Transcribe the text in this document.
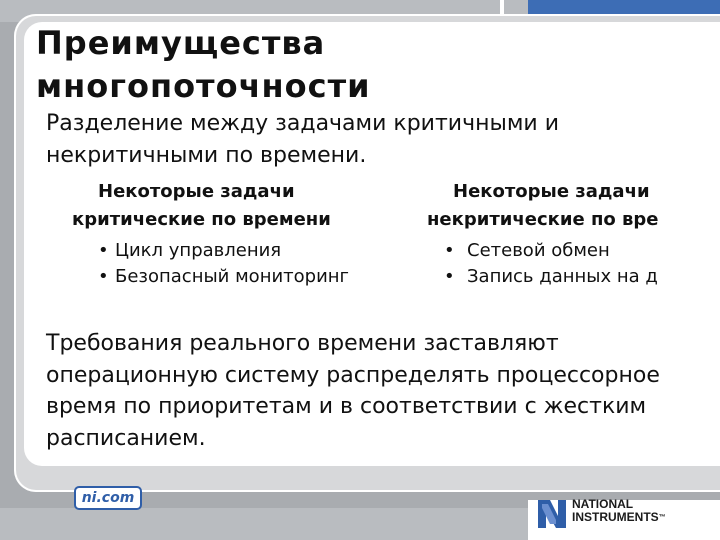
Преимущества многопоточности

Разделение между задачами критичными и некритичными по времени.

Некоторые задачи

критические по времени

• Цикл управления
• Безопасный мониторинг

Некоторые задачи

некритические по вре

• Сетевой обмен
• Запись данных на д

Требования реального времени заставляют операционную систему распределять процессорное время по приоритетам и в соответствии с жестким расписанием.

ni.com	NATIONAL
INSTRUMENTS™
